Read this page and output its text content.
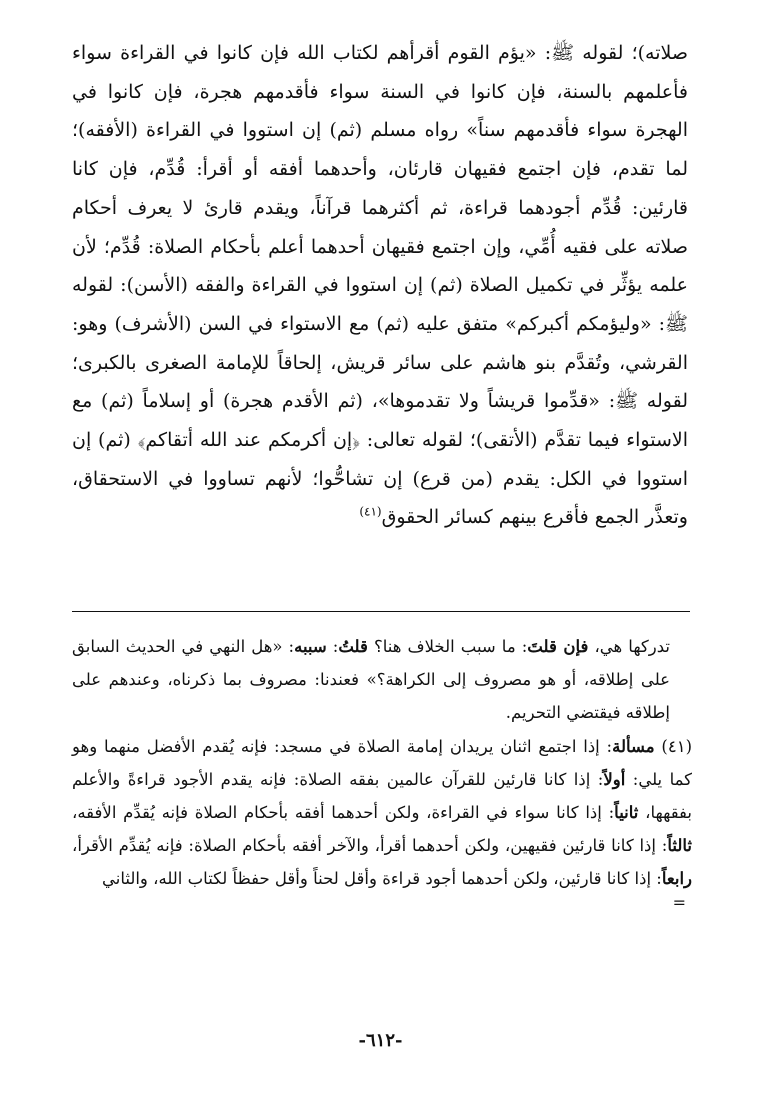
صلاته)؛ لقوله ﷺ: «يؤم القوم أقرأهم لكتاب الله فإن كانوا في القراءة سواء فأعلمهم بالسنة، فإن كانوا في السنة سواء فأقدمهم هجرة، فإن كانوا في الهجرة سواء فأقدمهم سناً» رواه مسلم (ثم) إن استووا في القراءة (الأفقه)؛ لما تقدم، فإن اجتمع فقيهان قارئان، وأحدهما أفقه أو أقرأ: قُدِّم، فإن كانا قارئين: قُدِّم أجودهما قراءة، ثم أكثرهما قرآناً، ويقدم قارئ لا يعرف أحكام صلاته على فقيه أُمِّي، وإن اجتمع فقيهان أحدهما أعلم بأحكام الصلاة: قُدِّم؛ لأن علمه يؤثِّر في تكميل الصلاة (ثم) إن استووا في القراءة والفقه (الأسن): لقوله ﷺ: «وليؤمكم أكبركم» متفق عليه (ثم) مع الاستواء في السن (الأشرف) وهو: القرشي، وتُقدَّم بنو هاشم على سائر قريش، إلحاقاً للإمامة الصغرى بالكبرى؛ لقوله ﷺ: «قدِّموا قريشاً ولا تقدموها»، (ثم الأقدم هجرة) أو إسلاماً (ثم) مع الاستواء فيما تقدَّم (الأتقى)؛ لقوله تعالى: ﴿إن أكرمكم عند الله أتقاكم﴾ (ثم) إن استووا في الكل: يقدم (من قرع) إن تشاحُّوا؛ لأنهم تساووا في الاستحقاق، وتعذَّر الجمع فأقرع بينهم كسائر الحقوق$^{(٤١)}$

تدركها هي، فإن قلتَ: ما سبب الخلاف هنا؟ قلتُ: سببه: «هل النهي في الحديث السابق على إطلاقه، أو هو مصروف إلى الكراهة؟» فعندنا: مصروف بما ذكرناه، وعندهم على إطلاقه فيقتضي التحريم.

(٤١) مسألة: إذا اجتمع اثنان يريدان إمامة الصلاة في مسجد: فإنه يُقدم الأفضل منهما وهو كما يلي: أولاً: إذا كانا قارئين للقرآن عالمين بفقه الصلاة: فإنه يقدم الأجود قراءةً والأعلم بفقهها، ثانياً: إذا كانا سواء في القراءة، ولكن أحدهما أفقه بأحكام الصلاة فإنه يُقدِّم الأفقه، ثالثاً: إذا كانا قارئين فقيهين، ولكن أحدهما أقرأ، والآخر أفقه بأحكام الصلاة: فإنه يُقدِّم الأقرأ، رابعاً: إذا كانا قارئين، ولكن أحدهما أجود قراءة وأقل لحناً وأقل حفظاً لكتاب الله، والثاني

=

-٦١٢-
